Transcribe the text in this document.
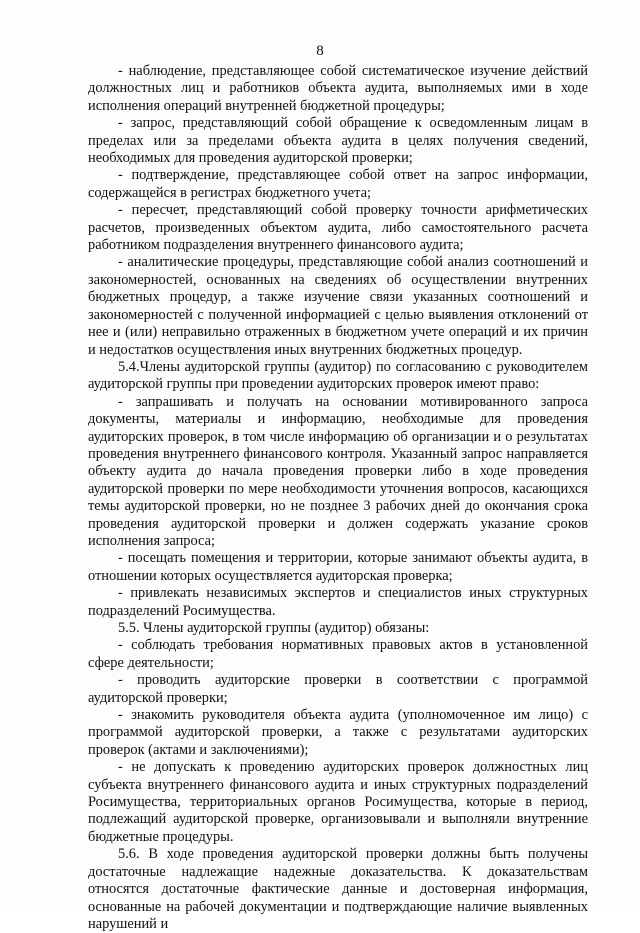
8

- наблюдение, представляющее собой систематическое изучение действий должностных лиц и работников объекта аудита, выполняемых ими в ходе исполнения операций внутренней бюджетной процедуры;

- запрос, представляющий собой обращение к осведомленным лицам в пределах или за пределами объекта аудита в целях получения сведений, необходимых для проведения аудиторской проверки;

- подтверждение, представляющее собой ответ на запрос информации, содержащейся в регистрах бюджетного учета;

- пересчет, представляющий собой проверку точности арифметических расчетов, произведенных объектом аудита, либо самостоятельного расчета работником подразделения внутреннего финансового аудита;

- аналитические процедуры, представляющие собой анализ соотношений и закономерностей, основанных на сведениях об осуществлении внутренних бюджетных процедур, а также изучение связи указанных соотношений и закономерностей с полученной информацией с целью выявления отклонений от нее и (или) неправильно отраженных в бюджетном учете операций и их причин и недостатков осуществления иных внутренних бюджетных процедур.

5.4.Члены аудиторской группы (аудитор) по согласованию с руководителем аудиторской группы при проведении аудиторских проверок имеют право:

- запрашивать и получать на основании мотивированного запроса документы, материалы и информацию, необходимые для проведения аудиторских проверок, в том числе информацию об организации и о результатах проведения внутреннего финансового контроля. Указанный запрос направляется объекту аудита до начала проведения проверки либо в ходе проведения аудиторской проверки по мере необходимости уточнения вопросов, касающихся темы аудиторской проверки, но не позднее 3 рабочих дней до окончания срока проведения аудиторской проверки и должен содержать указание сроков исполнения запроса;

- посещать помещения и территории, которые занимают объекты аудита, в отношении которых осуществляется аудиторская проверка;

- привлекать независимых экспертов и специалистов иных структурных подразделений Росимущества.

5.5. Члены аудиторской группы (аудитор) обязаны:

- соблюдать требования нормативных правовых актов в установленной сфере деятельности;

- проводить аудиторские проверки в соответствии с программой аудиторской проверки;

- знакомить руководителя объекта аудита (уполномоченное им лицо) с программой аудиторской проверки, а также с результатами аудиторских проверок (актами и заключениями);

- не допускать к проведению аудиторских проверок должностных лиц субъекта внутреннего финансового аудита и иных структурных подразделений Росимущества, территориальных органов Росимущества, которые в период, подлежащий аудиторской проверке, организовывали и выполняли внутренние бюджетные процедуры.

5.6. В ходе проведения аудиторской проверки должны быть получены достаточные надлежащие надежные доказательства. К доказательствам относятся достаточные фактические данные и достоверная информация, основанные на рабочей документации и подтверждающие наличие выявленных нарушений и
